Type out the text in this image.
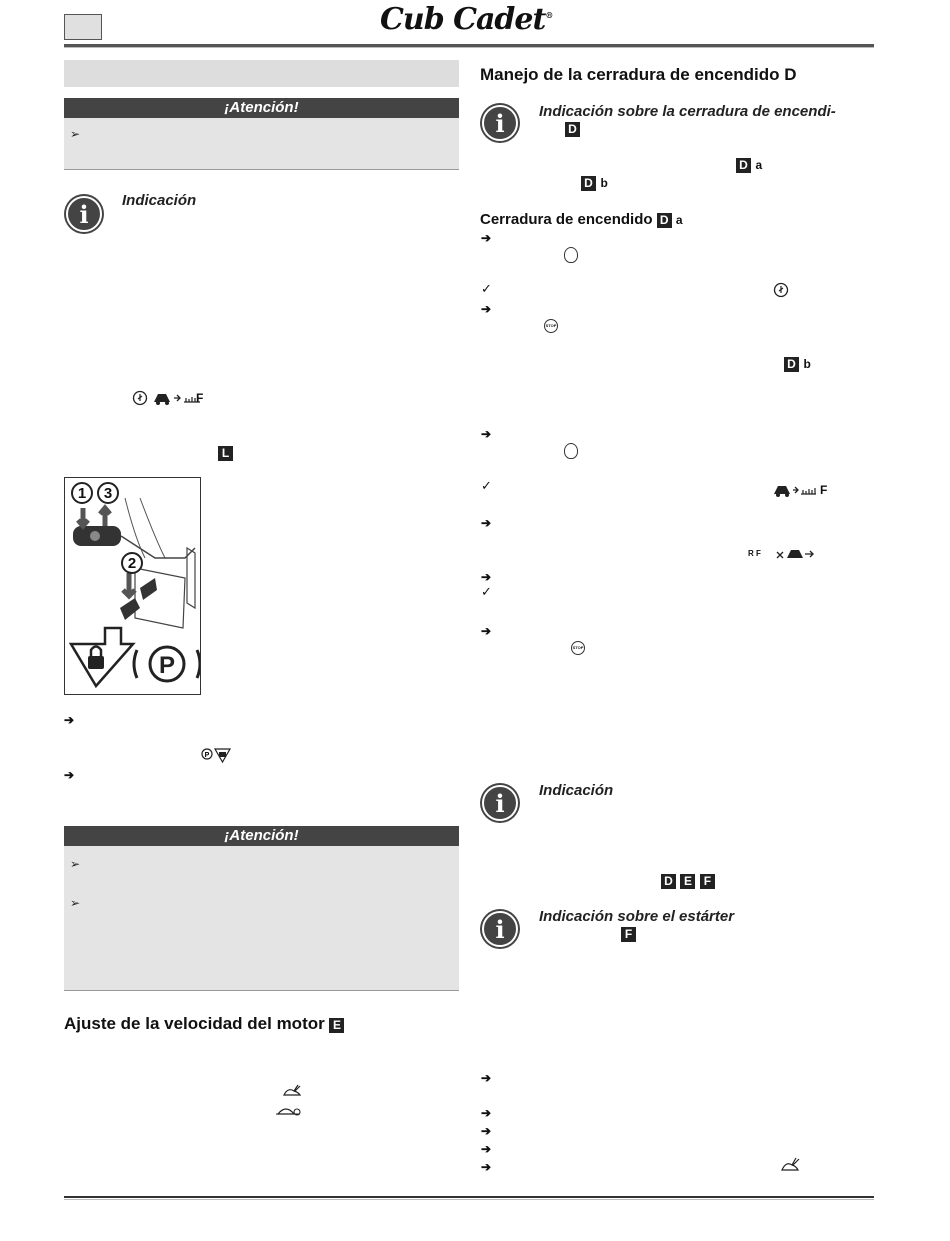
Cub Cadet®
¡Atención!
➢
i	Indicación
F
L
P
1	3
2
➔
P
➔
¡Atención!
➢
➢
Ajuste de la velocidad del motor E
Manejo de la cerradura de encendido D
i	Indicación sobre la cerradura de encendi-
D
D a
D b
Cerradura de encendido D a
➔
✓
➔
STOP
D b
➔
✓	F
➔
R F
➔
✓
➔
STOP
i	Indicación
D E F
i	Indicación sobre el estárter
F
➔
➔
➔
➔
➔
